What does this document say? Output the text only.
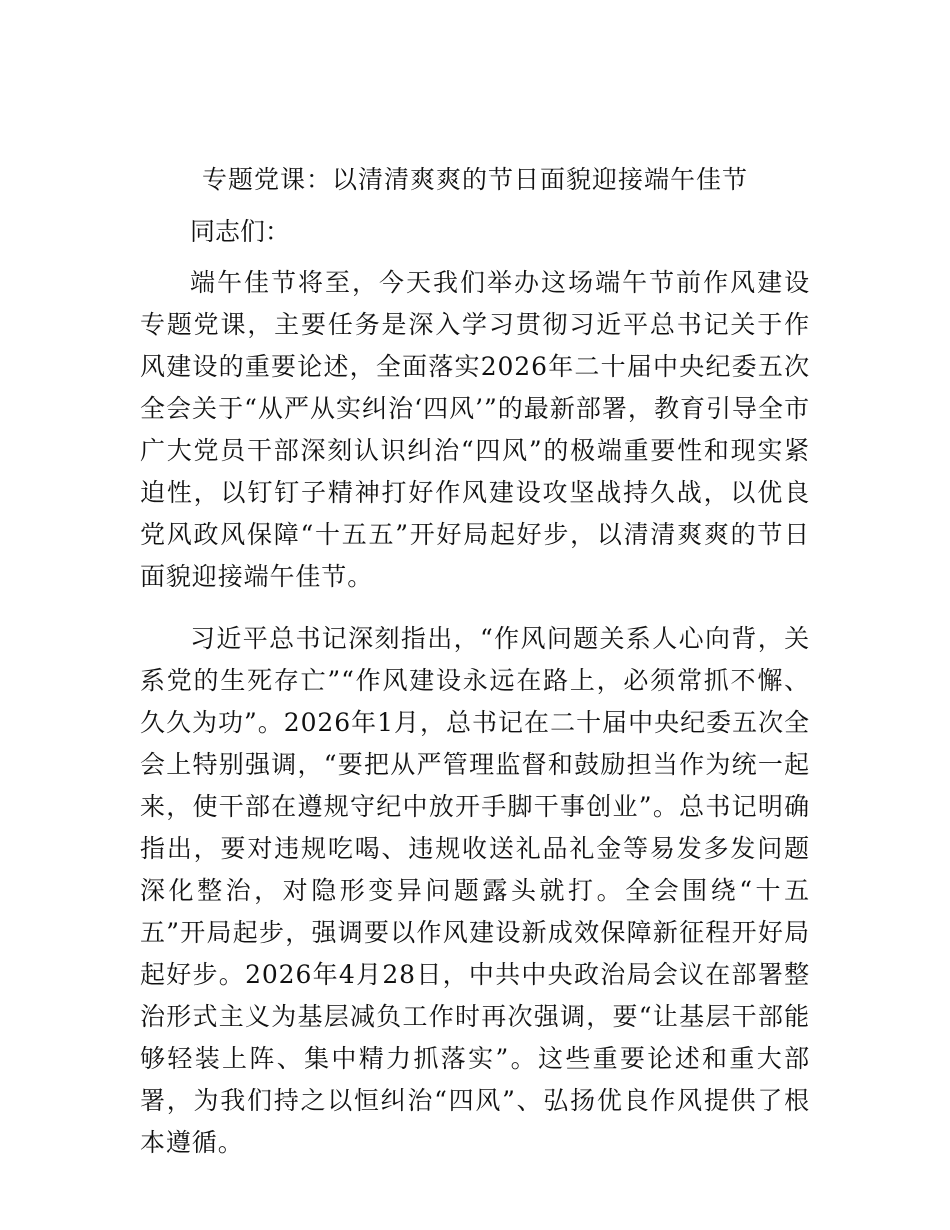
专题党课：以清清爽爽的节日面貌迎接端午佳节

同志们：

端午佳节将至，今天我们举办这场端午节前作风建设专题党课，主要任务是深入学习贯彻习近平总书记关于作风建设的重要论述，全面落实2026年二十届中央纪委五次全会关于“从严从实纠治‘四风’”的最新部署，教育引导全市广大党员干部深刻认识纠治“四风”的极端重要性和现实紧迫性，以钉钉子精神打好作风建设攻坚战持久战，以优良党风政风保障“十五五”开好局起好步，以清清爽爽的节日面貌迎接端午佳节。

习近平总书记深刻指出，“作风问题关系人心向背，关系党的生死存亡”“作风建设永远在路上，必须常抓不懈、久久为功”。2026年1月，总书记在二十届中央纪委五次全会上特别强调，“要把从严管理监督和鼓励担当作为统一起来，使干部在遵规守纪中放开手脚干事创业”。总书记明确指出，要对违规吃喝、违规收送礼品礼金等易发多发问题深化整治，对隐形变异问题露头就打。全会围绕“十五五”开局起步，强调要以作风建设新成效保障新征程开好局起好步。2026年4月28日，中共中央政治局会议在部署整治形式主义为基层减负工作时再次强调，要“让基层干部能够轻装上阵、集中精力抓落实”。这些重要论述和重大部署，为我们持之以恒纠治“四风”、弘扬优良作风提供了根本遵循。
